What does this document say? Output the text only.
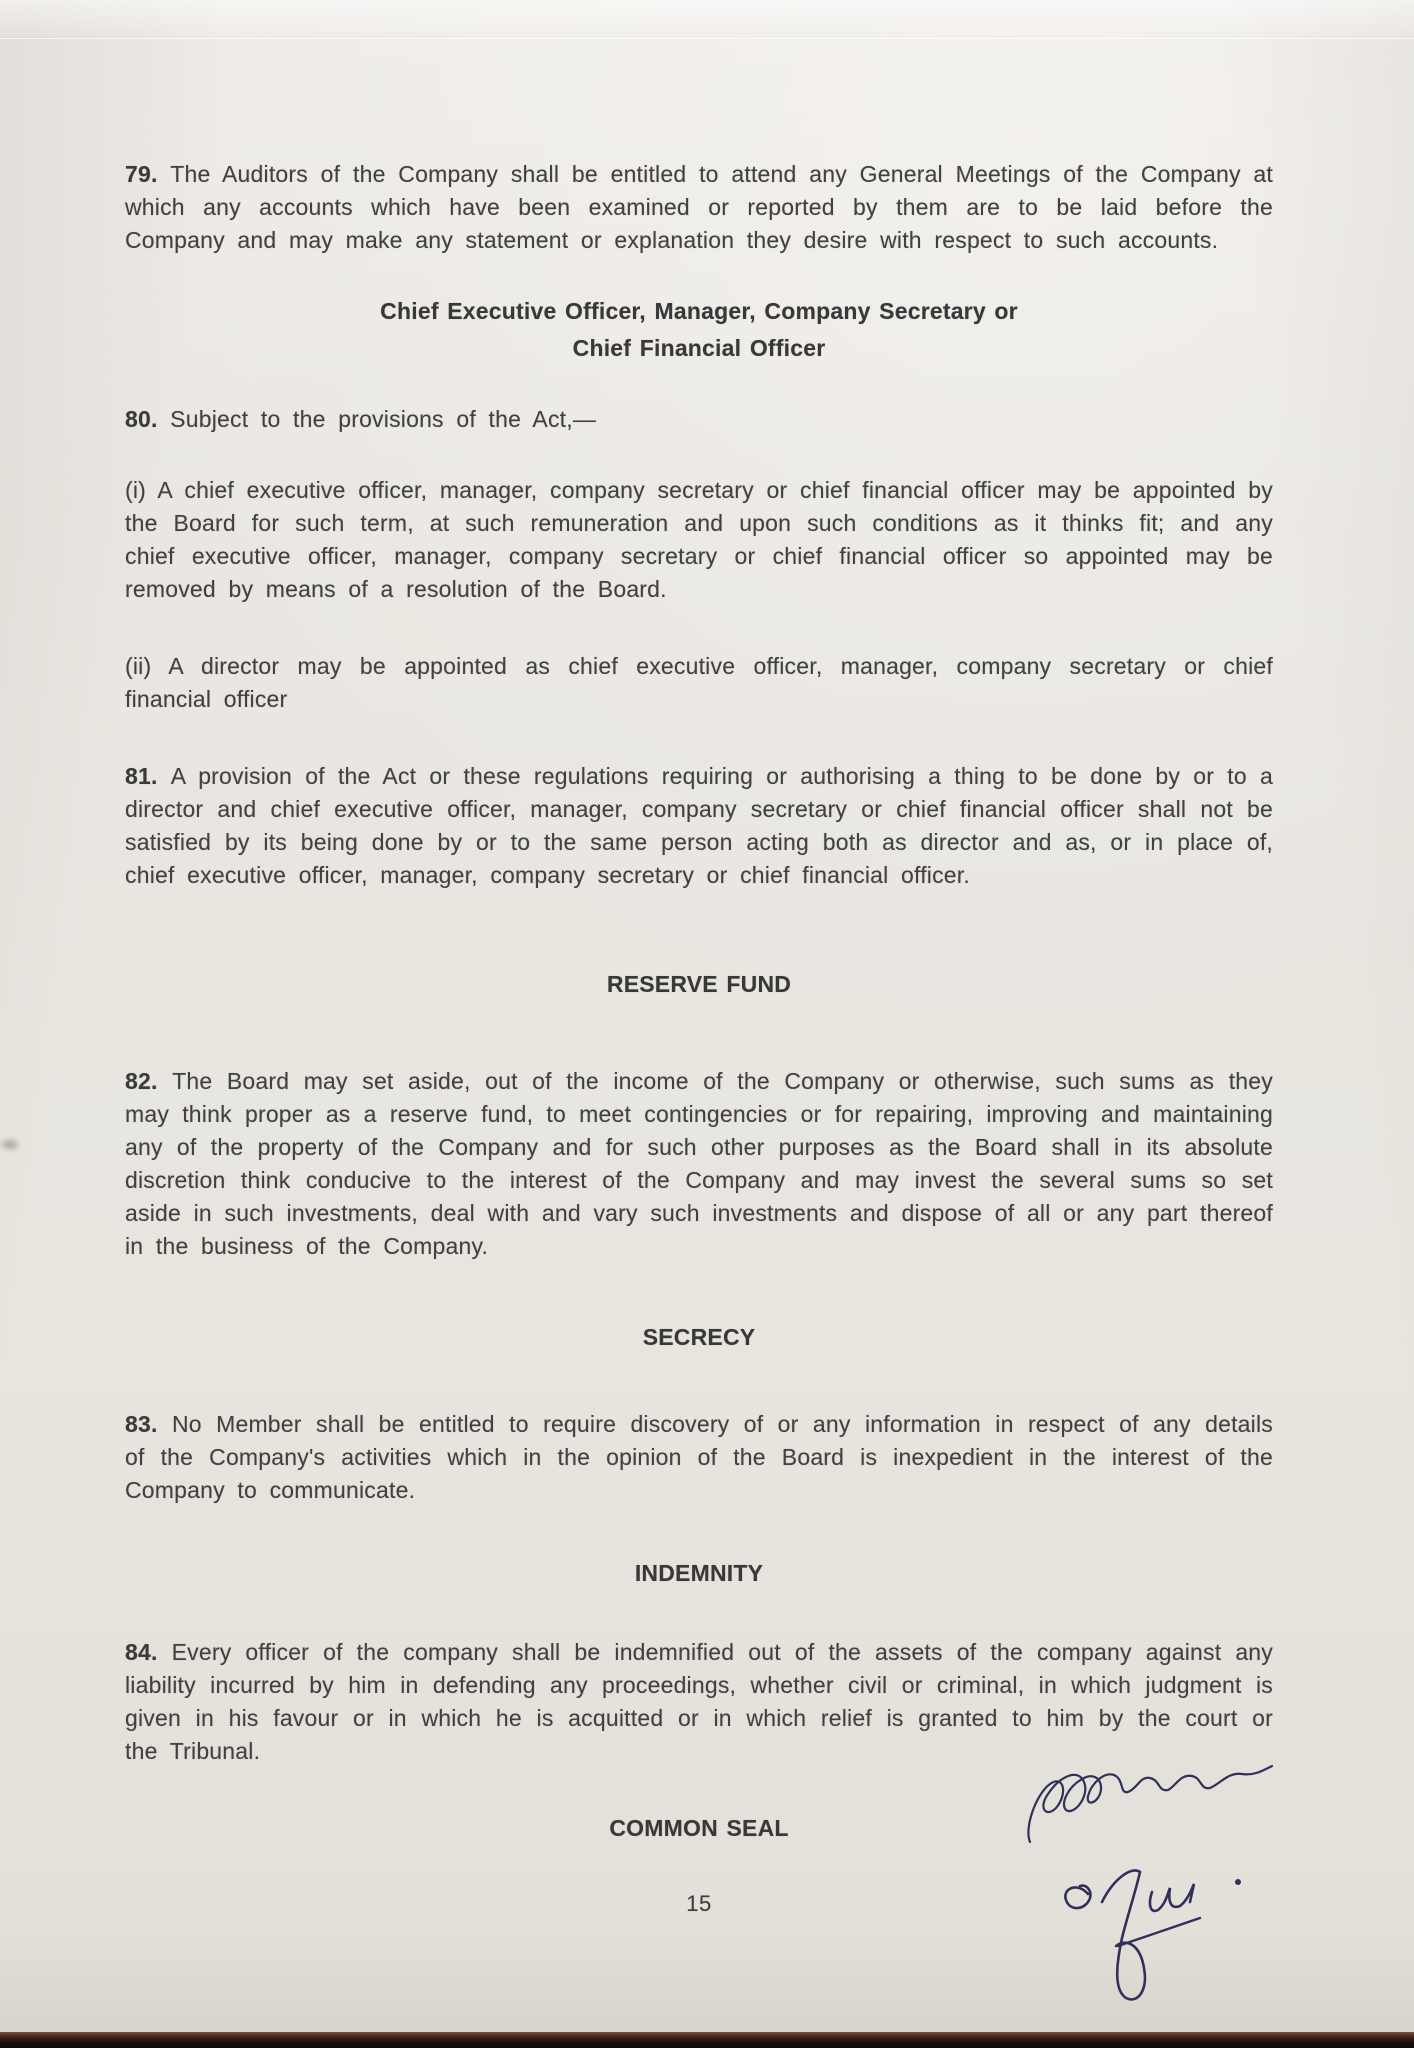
79. The Auditors of the Company shall be entitled to attend any General Meetings of the Company at which any accounts which have been examined or reported by them are to be laid before the Company and may make any statement or explanation they desire with respect to such accounts.

Chief Executive Officer, Manager, Company Secretary or
Chief Financial Officer

80. Subject to the provisions of the Act,—

(i) A chief executive officer, manager, company secretary or chief financial officer may be appointed by the Board for such term, at such remuneration and upon such conditions as it thinks fit; and any chief executive officer, manager, company secretary or chief financial officer so appointed may be removed by means of a resolution of the Board.

(ii) A director may be appointed as chief executive officer, manager, company secretary or chief financial officer

81. A provision of the Act or these regulations requiring or authorising a thing to be done by or to a director and chief executive officer, manager, company secretary or chief financial officer shall not be satisfied by its being done by or to the same person acting both as director and as, or in place of, chief executive officer, manager, company secretary or chief financial officer.

RESERVE FUND

82. The Board may set aside, out of the income of the Company or otherwise, such sums as they may think proper as a reserve fund, to meet contingencies or for repairing, improving and maintaining any of the property of the Company and for such other purposes as the Board shall in its absolute discretion think conducive to the interest of the Company and may invest the several sums so set aside in such investments, deal with and vary such investments and dispose of all or any part thereof in the business of the Company.

SECRECY

83. No Member shall be entitled to require discovery of or any information in respect of any details of the Company's activities which in the opinion of the Board is inexpedient in the interest of the Company to communicate.

INDEMNITY

84. Every officer of the company shall be indemnified out of the assets of the company against any liability incurred by him in defending any proceedings, whether civil or criminal, in which judgment is given in his favour or in which he is acquitted or in which relief is granted to him by the court or the Tribunal.

COMMON SEAL

15
